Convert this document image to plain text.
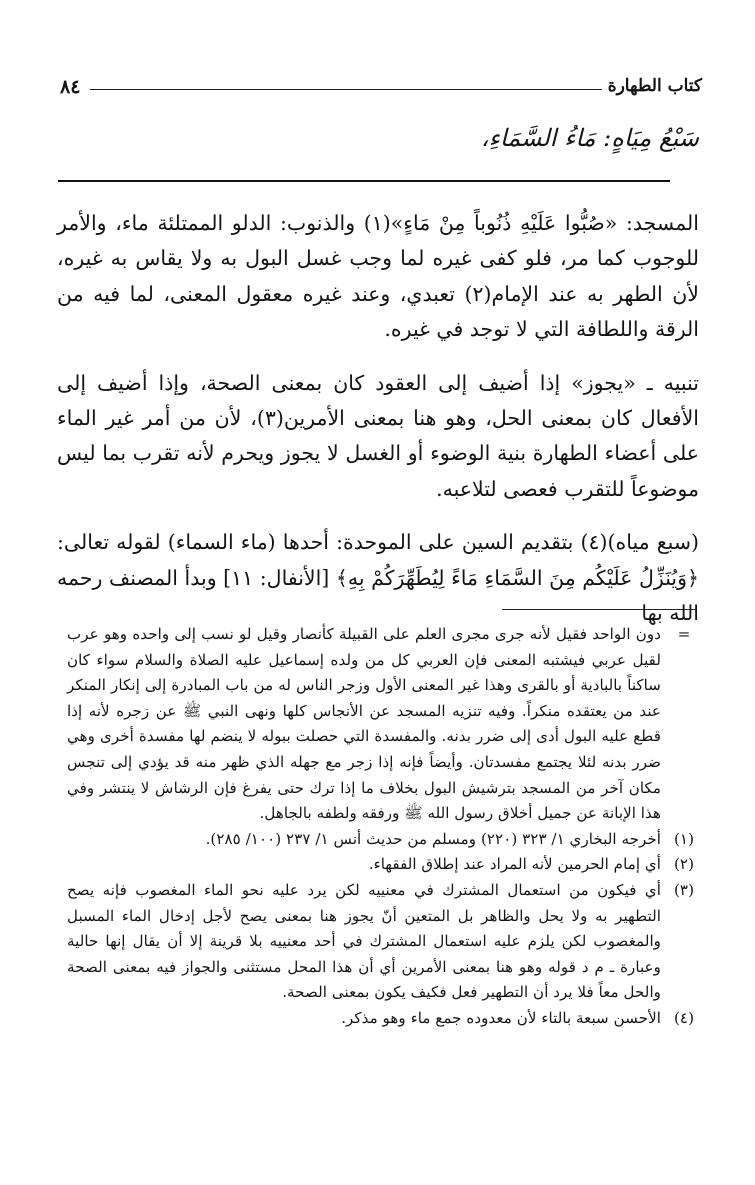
٨٤	كتاب الطهارة
سَبْعُ مِيَاهٍ: مَاءُ السَّمَاءِ،

المسجد: «صُبُّوا عَلَيْهِ ذُنُوباً مِنْ مَاءٍ»(١) والذنوب: الدلو الممتلئة ماء، والأمر للوجوب كما مر، فلو كفى غيره لما وجب غسل البول به ولا يقاس به غيره، لأن الطهر به عند الإمام(٢) تعبدي، وعند غيره معقول المعنى، لما فيه من الرقة واللطافة التي لا توجد في غيره.

تنبيه ـ «يجوز» إذا أضيف إلى العقود كان بمعنى الصحة، وإذا أضيف إلى الأفعال كان بمعنى الحل، وهو هنا بمعنى الأمرين(٣)، لأن من أمر غير الماء على أعضاء الطهارة بنية الوضوء أو الغسل لا يجوز ويحرم لأنه تقرب بما ليس موضوعاً للتقرب فعصى لتلاعبه.

(سبع مياه)(٤) بتقديم السين على الموحدة: أحدها (ماء السماء) لقوله تعالى: ﴿وَيُنَزِّلُ عَلَيْكُم مِنَ السَّمَاءِ مَاءً لِيُطَهِّرَكُمْ بِهِ﴾ [الأنفال: ١١] وبدأ المصنف رحمه الله بها

=
دون الواحد فقيل لأنه جرى مجرى العلم على القبيلة كأنصار وقيل لو نسب إلى واحده وهو عرب لقيل عربي فيشتبه المعنى فإن العربي كل من ولده إسماعيل عليه الصلاة والسلام سواء كان ساكناً بالبادية أو بالقرى وهذا غير المعنى الأول وزجر الناس له من باب المبادرة إلى إنكار المنكر عند من يعتقده منكراً. وفيه تنزيه المسجد عن الأنجاس كلها ونهى النبي ﷺ عن زجره لأنه إذا قطع عليه البول أدى إلى ضرر بدنه. والمفسدة التي حصلت ببوله لا ينضم لها مفسدة أخرى وهي ضرر بدنه لئلا يجتمع مفسدتان. وأيضاً فإنه إذا زجر مع جهله الذي ظهر منه قد يؤدي إلى تنجس مكان آخر من المسجد بترشيش البول بخلاف ما إذا ترك حتى يفرغ فإن الرشاش لا ينتشر وفي هذا الإبانة عن جميل أخلاق رسول الله ﷺ ورفقه ولطفه بالجاهل.
(١)
أخرجه البخاري ١/ ٣٢٣ (٢٢٠) ومسلم من حديث أنس ١/ ٢٣٧ (١٠٠/ ٢٨٥).
(٢)
أي إمام الحرمين لأنه المراد عند إطلاق الفقهاء.
(٣)
أي فيكون من استعمال المشترك في معنييه لكن يرد عليه نحو الماء المغصوب فإنه يصح التطهير به ولا يحل والظاهر بل المتعين أنّ يجوز هنا بمعنى يصح لأجل إدخال الماء المسبل والمغصوب لكن يلزم عليه استعمال المشترك في أحد معنييه بلا قرينة إلا أن يقال إنها حالية وعبارة ـ م د قوله وهو هنا بمعنى الأمرين أي أن هذا المحل مستثنى والجواز فيه بمعنى الصحة والحل معاً فلا يرد أن التطهير فعل فكيف يكون بمعنى الصحة.
(٤)
الأحسن سبعة بالتاء لأن معدوده جمع ماء وهو مذكر.
